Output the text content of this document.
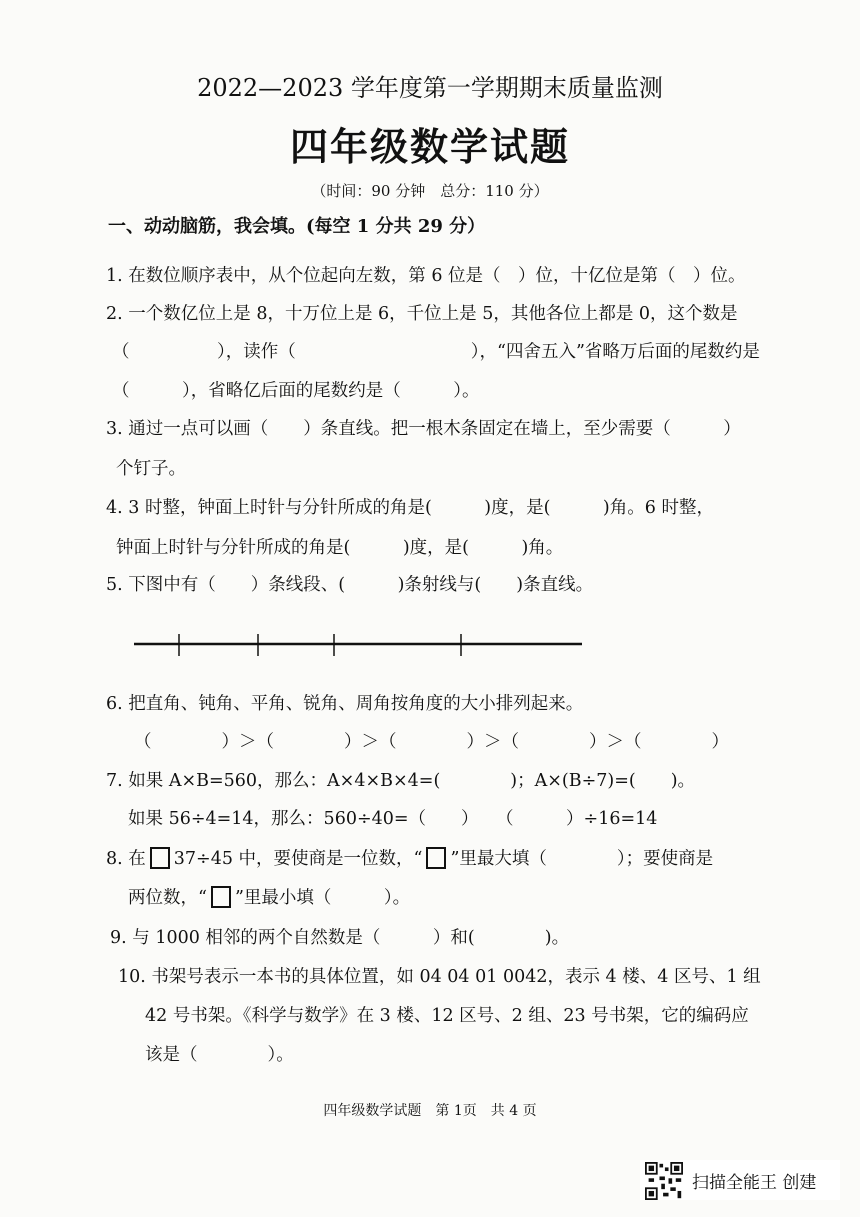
2022—2023 学年度第一学期期末质量监测
四年级数学试题
（时间：90 分钟　总分：110 分）
一、动动脑筋，我会填。(每空 1 分共 29 分）
1. 在数位顺序表中，从个位起向左数，第 6 位是（　）位，十亿位是第（　）位。
2. 一个数亿位上是 8，十万位上是 6，千位上是 5，其他各位上都是 0，这个数是
（　　　　　），读作（　　　　　　　　　　），“四舍五入”省略万后面的尾数约是
（　　　），省略亿后面的尾数约是（　　　）。
3. 通过一点可以画（　　）条直线。把一根木条固定在墙上，至少需要（　　　）
个钉子。
4. 3 时整，钟面上时针与分针所成的角是(　　　)度，是(　　　)角。6 时整，
钟面上时针与分针所成的角是(　　　)度，是(　　　)角。
5. 下图中有（　　）条线段、(　　　)条射线与(　　)条直线。
6. 把直角、钝角、平角、锐角、周角按角度的大小排列起来。
（　　　　）＞（　　　　）＞（　　　　）＞（　　　　）＞（　　　　）
7. 如果 A×B=560，那么：A×4×B×4=(　　　　)；A×(B÷7)=(　　)。
如果 56÷4=14，那么：560÷40=（　　）　　（　　　）÷16=14
8. 在 37÷45 中，要使商是一位数，“ ”里最大填（　　　　）；要使商是
两位数，“ ”里最小填（　　　）。
9. 与 1000 相邻的两个自然数是（　　　）和(　　　　)。
10. 书架号表示一本书的具体位置，如 04 04 01 0042，表示 4 楼、4 区号、1 组
42 号书架。《科学与数学》在 3 楼、12 区号、2 组、23 号书架，它的编码应
该是（　　　　）。
四年级数学试题　第 1页　共 4 页
扫描全能王 创建
